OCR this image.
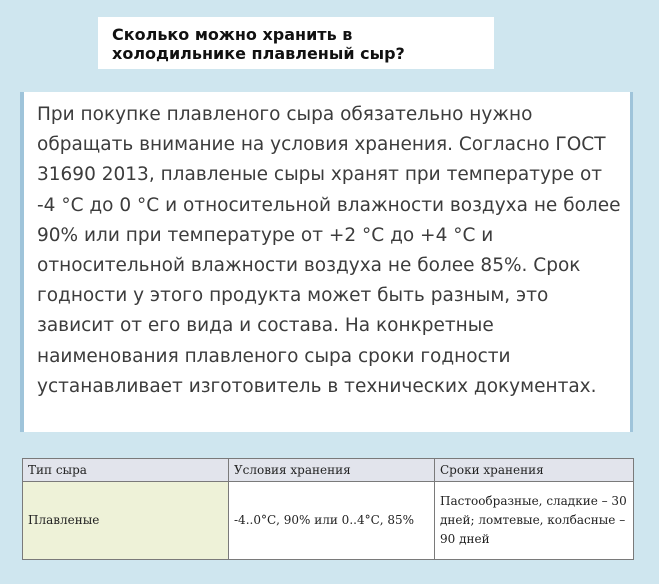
Сколько можно хранить в холодильнике плавленый сыр?

При покупке плавленого сыра обязательно нужно обращать внимание на условия хранения. Согласно ГОСТ 31690 2013, плавленые сыры хранят при температуре от -4 °С до 0 °С и относительной влажности воздуха не более 90% или при температуре от +2 °С до +4 °С и относительной влажности воздуха не более 85%. Срок годности у этого продукта может быть разным, это зависит от его вида и состава. На конкретные наименования плавленого сыра сроки годности устанавливает изготовитель в технических документах.

Тип сыра	Условия хранения	Сроки хранения
Плавленые	-4..0°С, 90% или 0..4°С, 85%	Пастообразные, сладкие – 30 дней; ломтевые, колбасные – 90 дней
